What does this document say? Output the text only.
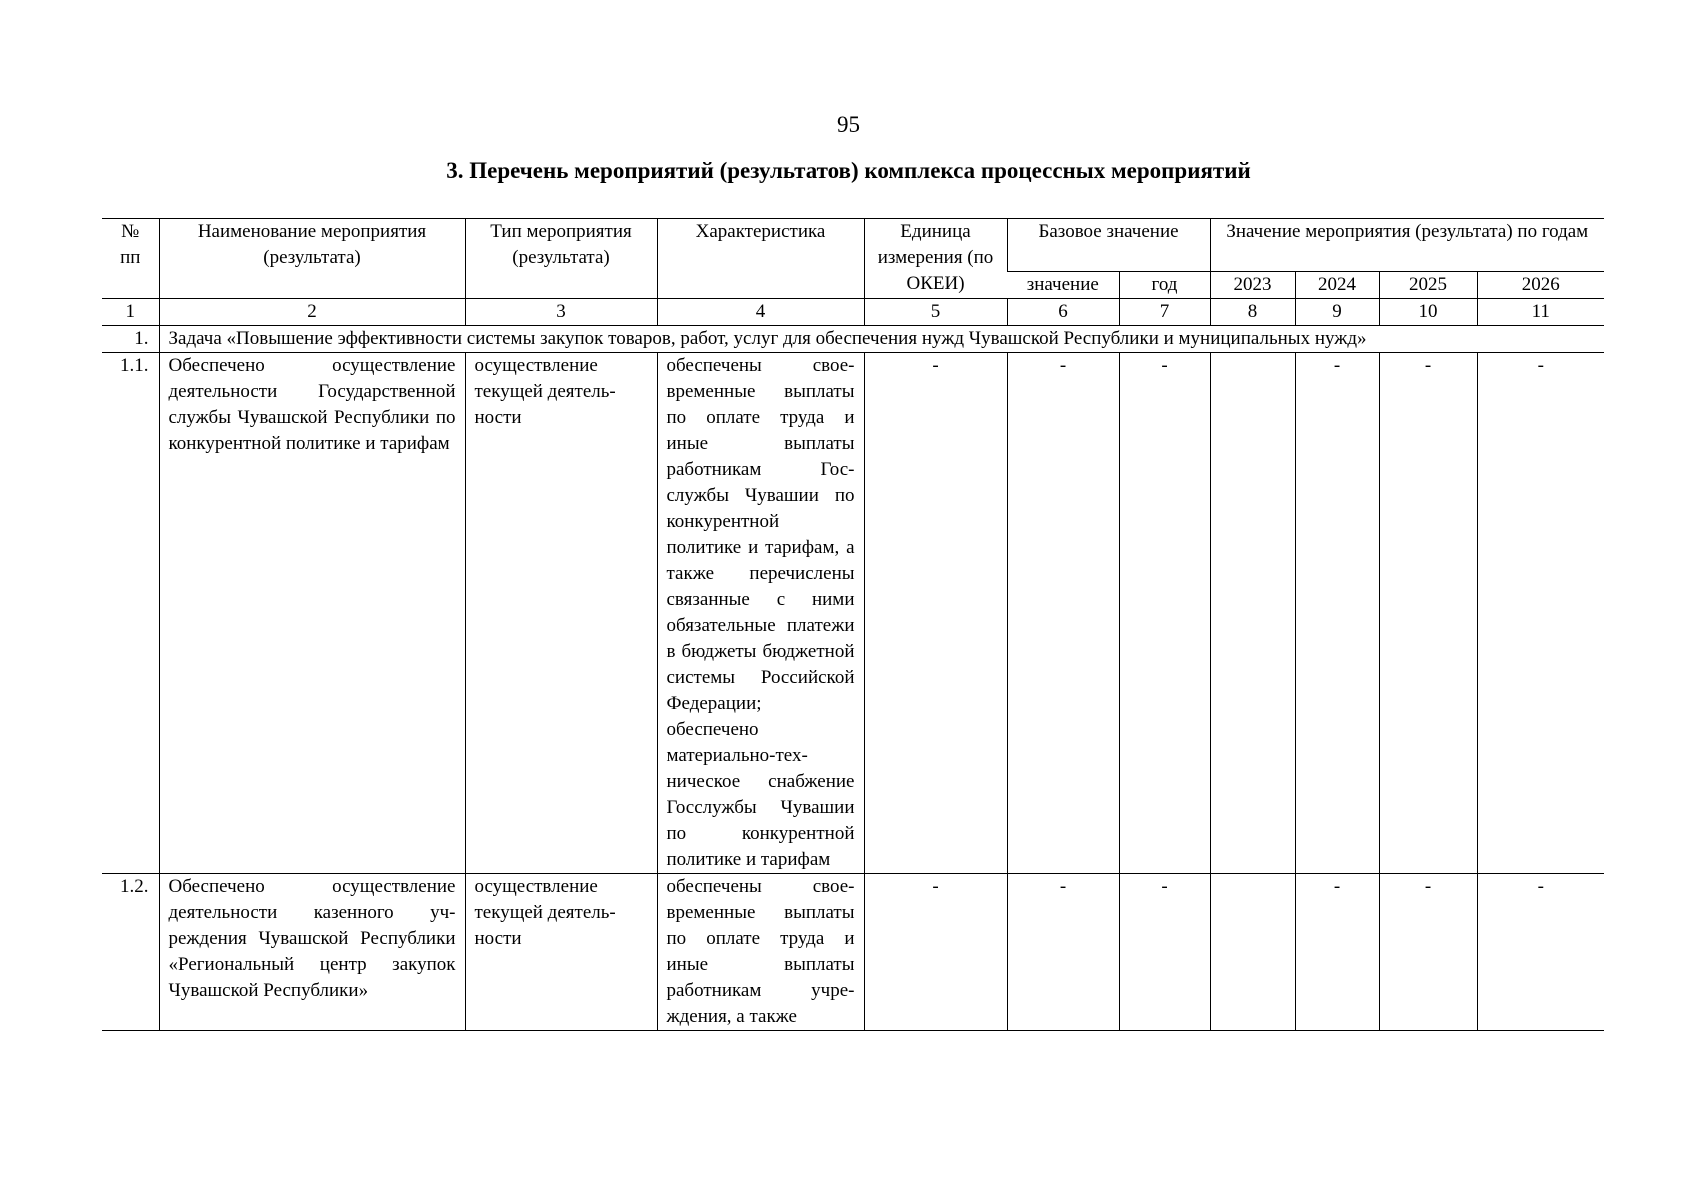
95
3. Перечень мероприятий (результатов) комплекса процессных мероприятий
№ пп	Наименование мероприятия (результата)	Тип мероприятия (результата)	Характеристика	Единица измерения (по ОКЕИ)	Базовое значение		Значение мероприятия (результата) по годам			
					значение	год	2023	2024	2025	2026
1	2	3	4	5	6	7	8	9	10	11
1.	Задача «Повышение эффективности системы закупок товаров, работ, услуг для обеспечения нужд Чувашской Республики и муниципальных нужд»									
1.1.	Обеспечено осуществление деятельности Государственной службы Чувашской Республики по конкурентной политике и тарифам	осуществление текущей деятельности	обеспечены своевременные выплаты по оплате труда и иные выплаты работникам Госслужбы Чувашии по конкурентной политике и тарифам, а также перечислены связанные с ними обязательные платежи в бюджеты бюджетной системы Российской Федерации; обеспечено материально-техническое снабжение Госслужбы Чувашии по конкурентной политике и тарифам	-	-	-		-	-	-
1.2.	Обеспечено осуществление деятельности казенного учреждения Чувашской Республики «Региональный центр закупок Чувашской Республики»	осуществление текущей деятельности	обеспечены своевременные выплаты по оплате труда и иные выплаты работникам учреждения, а также	-	-	-		-	-	-
